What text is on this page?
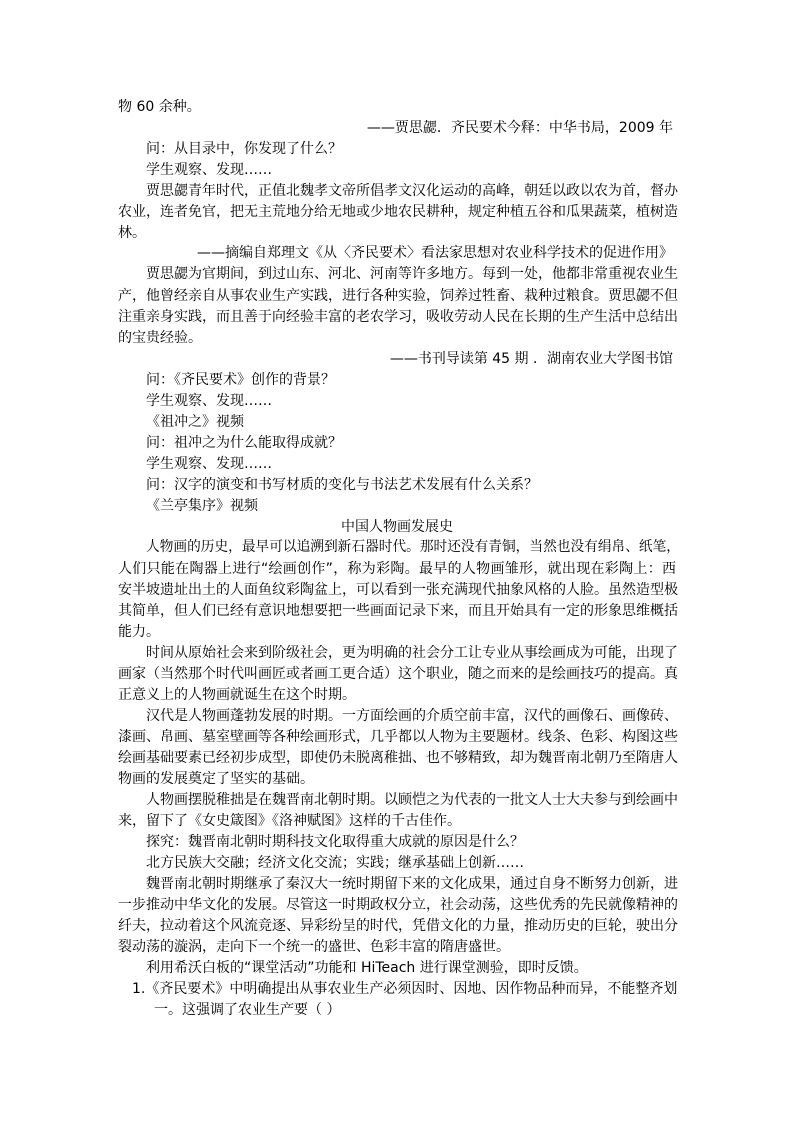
物 60 余种。
——贾思勰．齐民要术今释：中华书局，2009 年
问：从目录中，你发现了什么？
学生观察、发现……
贾思勰青年时代，正值北魏孝文帝所倡孝文汉化运动的高峰，朝廷以政以农为首，督办
农业，连者免官，把无主荒地分给无地或少地农民耕种，规定种植五谷和瓜果蔬菜，植树造
林。
——摘编自郑理文《从〈齐民要术〉看法家思想对农业科学技术的促进作用》
贾思勰为官期间，到过山东、河北、河南等许多地方。每到一处，他都非常重视农业生
产，他曾经亲自从事农业生产实践，进行各种实验，饲养过牲畜、栽种过粮食。贾思勰不但
注重亲身实践，而且善于向经验丰富的老农学习，吸收劳动人民在长期的生产生活中总结出
的宝贵经验。
——书刊导读第 45 期 ．湖南农业大学图书馆
问：《齐民要术》创作的背景？
学生观察、发现……
《祖冲之》视频
问：祖冲之为什么能取得成就？
学生观察、发现……
问：汉字的演变和书写材质的变化与书法艺术发展有什么关系？
《兰亭集序》视频
中国人物画发展史
人物画的历史，最早可以追溯到新石器时代。那时还没有青铜，当然也没有绢帛、纸笔，
人们只能在陶器上进行“绘画创作”，称为彩陶。最早的人物画雏形，就出现在彩陶上：西
安半坡遗址出土的人面鱼纹彩陶盆上，可以看到一张充满现代抽象风格的人脸。虽然造型极
其简单，但人们已经有意识地想要把一些画面记录下来，而且开始具有一定的形象思维概括
能力。
时间从原始社会来到阶级社会，更为明确的社会分工让专业从事绘画成为可能，出现了
画家（当然那个时代叫画匠或者画工更合适）这个职业，随之而来的是绘画技巧的提高。真
正意义上的人物画就诞生在这个时期。
汉代是人物画蓬勃发展的时期。一方面绘画的介质空前丰富，汉代的画像石、画像砖、
漆画、帛画、墓室壁画等各种绘画形式，几乎都以人物为主要题材。线条、色彩、构图这些
绘画基础要素已经初步成型，即使仍未脱离稚拙、也不够精致，却为魏晋南北朝乃至隋唐人
物画的发展奠定了坚实的基础。
人物画摆脱稚拙是在魏晋南北朝时期。以顾恺之为代表的一批文人士大夫参与到绘画中
来，留下了《女史箴图》《洛神赋图》这样的千古佳作。
探究：魏晋南北朝时期科技文化取得重大成就的原因是什么？
北方民族大交融；经济文化交流；实践；继承基础上创新……
魏晋南北朝时期继承了秦汉大一统时期留下来的文化成果，通过自身不断努力创新，进
一步推动中华文化的发展。尽管这一时期政权分立，社会动荡，这些优秀的先民就像精神的
纤夫，拉动着这个风流竞逐、异彩纷呈的时代，凭借文化的力量，推动历史的巨轮，驶出分
裂动荡的漩涡，走向下一个统一的盛世、色彩丰富的隋唐盛世。
利用希沃白板的“课堂活动”功能和 HiTeach 进行课堂测验，即时反馈。
1.《齐民要术》中明确提出从事农业生产必须因时、因地、因作物品种而异，不能整齐划
一。这强调了农业生产要（ ）
